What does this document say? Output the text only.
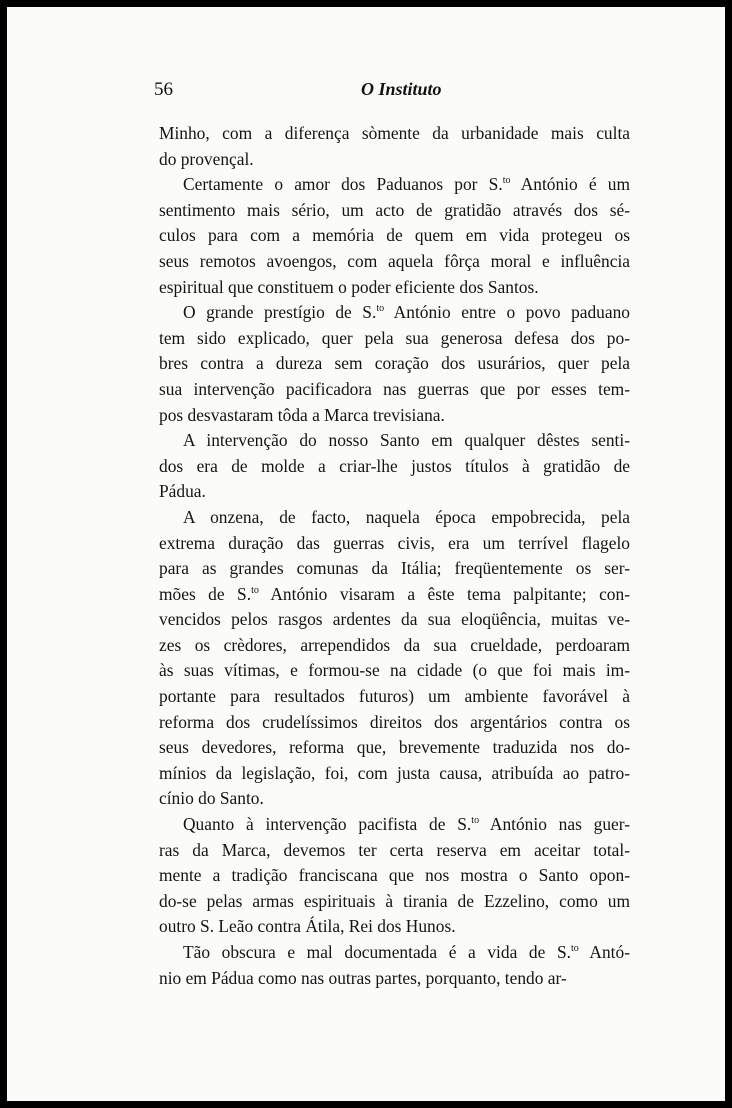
56	O Instituto
Minho, com a diferença sòmente da urbanidade mais culta
do provençal.
Certamente o amor dos Paduanos por S.$^{to}$ António é um
sentimento mais sério, um acto de gratidão através dos sé-
culos para com a memória de quem em vida protegeu os
seus remotos avoengos, com aquela fôrça moral e influência
espiritual que constituem o poder eficiente dos Santos.
O grande prestígio de S.$^{to}$ António entre o povo paduano
tem sido explicado, quer pela sua generosa defesa dos po-
bres contra a dureza sem coração dos usurários, quer pela
sua intervenção pacificadora nas guerras que por esses tem-
pos desvastaram tôda a Marca trevisiana.
A intervenção do nosso Santo em qualquer dêstes senti-
dos era de molde a criar-lhe justos títulos à gratidão de
Pádua.
A onzena, de facto, naquela época empobrecida, pela
extrema duração das guerras civis, era um terrível flagelo
para as grandes comunas da Itália; freqüentemente os ser-
mões de S.$^{to}$ António visaram a êste tema palpitante; con-
vencidos pelos rasgos ardentes da sua eloqüência, muitas ve-
zes os crèdores, arrependidos da sua crueldade, perdoaram
às suas vítimas, e formou-se na cidade (o que foi mais im-
portante para resultados futuros) um ambiente favorável à
reforma dos crudelíssimos direitos dos argentários contra os
seus devedores, reforma que, brevemente traduzida nos do-
mínios da legislação, foi, com justa causa, atribuída ao patro-
cínio do Santo.
Quanto à intervenção pacifista de S.$^{to}$ António nas guer-
ras da Marca, devemos ter certa reserva em aceitar total-
mente a tradição franciscana que nos mostra o Santo opon-
do-se pelas armas espirituais à tirania de Ezzelino, como um
outro S. Leão contra Átila, Rei dos Hunos.
Tão obscura e mal documentada é a vida de S.$^{to}$ Antó-
nio em Pádua como nas outras partes, porquanto, tendo ar-
